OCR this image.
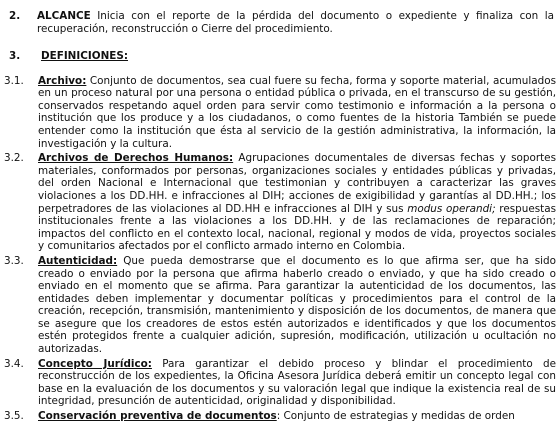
2. ALCANCE Inicia con el reporte de la pérdida del documento o expediente y finaliza con la recuperación, reconstrucción o Cierre del procedimiento.
3. DEFINICIONES:
3.1. Archivo: Conjunto de documentos, sea cual fuere su fecha, forma y soporte material, acumulados en un proceso natural por una persona o entidad pública o privada, en el transcurso de su gestión, conservados respetando aquel orden para servir como testimonio e información a la persona o institución que los produce y a los ciudadanos, o como fuentes de la historia También se puede entender como la institución que ésta al servicio de la gestión administrativa, la información, la investigación y la cultura.
3.2. Archivos de Derechos Humanos: Agrupaciones documentales de diversas fechas y soportes materiales, conformados por personas, organizaciones sociales y entidades públicas y privadas, del orden Nacional e Internacional que testimonian y contribuyen a caracterizar las graves violaciones a los DD.HH. e infracciones al DIH; acciones de exigibilidad y garantías al DD.HH.; los perpetradores de las violaciones al DD.HH e infracciones al DIH y sus modus operandi; respuestas institucionales frente a las violaciones a los DD.HH. y de las reclamaciones de reparación; impactos del conflicto en el contexto local, nacional, regional y modos de vida, proyectos sociales y comunitarios afectados por el conflicto armado interno en Colombia.
3.3. Autenticidad: Que pueda demostrarse que el documento es lo que afirma ser, que ha sido creado o enviado por la persona que afirma haberlo creado o enviado, y que ha sido creado o enviado en el momento que se afirma. Para garantizar la autenticidad de los documentos, las entidades deben implementar y documentar políticas y procedimientos para el control de la creación, recepción, transmisión, mantenimiento y disposición de los documentos, de manera que se asegure que los creadores de estos estén autorizados e identificados y que los documentos estén protegidos frente a cualquier adición, supresión, modificación, utilización u ocultación no autorizadas.
3.4. Concepto Jurídico: Para garantizar el debido proceso y blindar el procedimiento de reconstrucción de los expedientes, la Oficina Asesora Jurídica deberá emitir un concepto legal con base en la evaluación de los documentos y su valoración legal que indique la existencia real de su integridad, presunción de autenticidad, originalidad y disponibilidad.
3.5. Conservación preventiva de documentos: Conjunto de estrategias y medidas de orden
